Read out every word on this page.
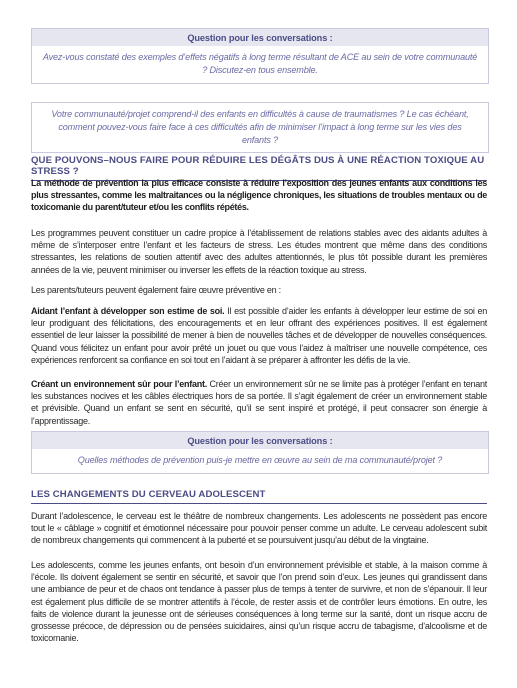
Question pour les conversations :
Avez-vous constaté des exemples d’effets négatifs à long terme résultant de ACE au sein de votre communauté ? Discutez-en tous ensemble.
Votre communauté/projet comprend-il des enfants en difficultés à cause de traumatismes ? Le cas échéant, comment pouvez-vous faire face à ces difficultés afin de minimiser l’impact à long terme sur les vies des enfants ?
QUE POUVONS–NOUS FAIRE POUR RÉDUIRE LES DÉGÂTS DUS À UNE RÉACTION TOXIQUE AU STRESS ?

La méthode de prévention la plus efficace consiste à réduire l’exposition des jeunes enfants aux conditions les plus stressantes, comme les maltraitances ou la négligence chroniques, les situations de troubles mentaux ou de toxicomanie du parent/tuteur et/ou les conflits répétés.

Les programmes peuvent constituer un cadre propice à l’établissement de relations stables avec des aidants adultes à même de s’interposer entre l’enfant et les facteurs de stress. Les études montrent que même dans des conditions stressantes, les relations de soutien attentif avec des adultes attentionnés, le plus tôt possible durant les premières années de la vie, peuvent minimiser ou inverser les effets de la réaction toxique au stress.

Les parents/tuteurs peuvent également faire œuvre préventive en :

Aidant l’enfant à développer son estime de soi. Il est possible d’aider les enfants à développer leur estime de soi en leur prodiguant des félicitations, des encouragements et en leur offrant des expériences positives. Il est également essentiel de leur laisser la possibilité de mener à bien de nouvelles tâches et de développer de nouvelles conséquences. Quand vous félicitez un enfant pour avoir prêté un jouet ou que vous l’aidez à maîtriser une nouvelle compétence, ces expériences renforcent sa confiance en soi tout en l’aidant à se préparer à affronter les défis de la vie.

Créant un environnement sûr pour l’enfant. Créer un environnement sûr ne se limite pas à protéger l’enfant en tenant les substances nocives et les câbles électriques hors de sa portée. Il s’agit également de créer un environnement stable et prévisible. Quand un enfant se sent en sécurité, qu’il se sent inspiré et protégé, il peut consacrer son énergie à l’apprentissage.

Question pour les conversations :
Quelles méthodes de prévention puis-je mettre en œuvre au sein de ma communauté/projet ?
LES CHANGEMENTS DU CERVEAU ADOLESCENT

Durant l’adolescence, le cerveau est le théâtre de nombreux changements. Les adolescents ne possèdent pas encore tout le « câblage » cognitif et émotionnel nécessaire pour pouvoir penser comme un adulte. Le cerveau adolescent subit de nombreux changements qui commencent à la puberté et se poursuivent jusqu’au début de la vingtaine.

Les adolescents, comme les jeunes enfants, ont besoin d’un environnement prévisible et stable, à la maison comme à l’école. Ils doivent également se sentir en sécurité, et savoir que l’on prend soin d’eux. Les jeunes qui grandissent dans une ambiance de peur et de chaos ont tendance à passer plus de temps à tenter de survivre, et non de s’épanouir. Il leur est également plus difficile de se montrer attentifs à l’école, de rester assis et de contrôler leurs émotions. En outre, les faits de violence durant la jeunesse ont de sérieuses conséquences à long terme sur la santé, dont un risque accru de grossesse précoce, de dépression ou de pensées suicidaires, ainsi qu’un risque accru de tabagisme, d’alcoolisme et de toxicomanie.
